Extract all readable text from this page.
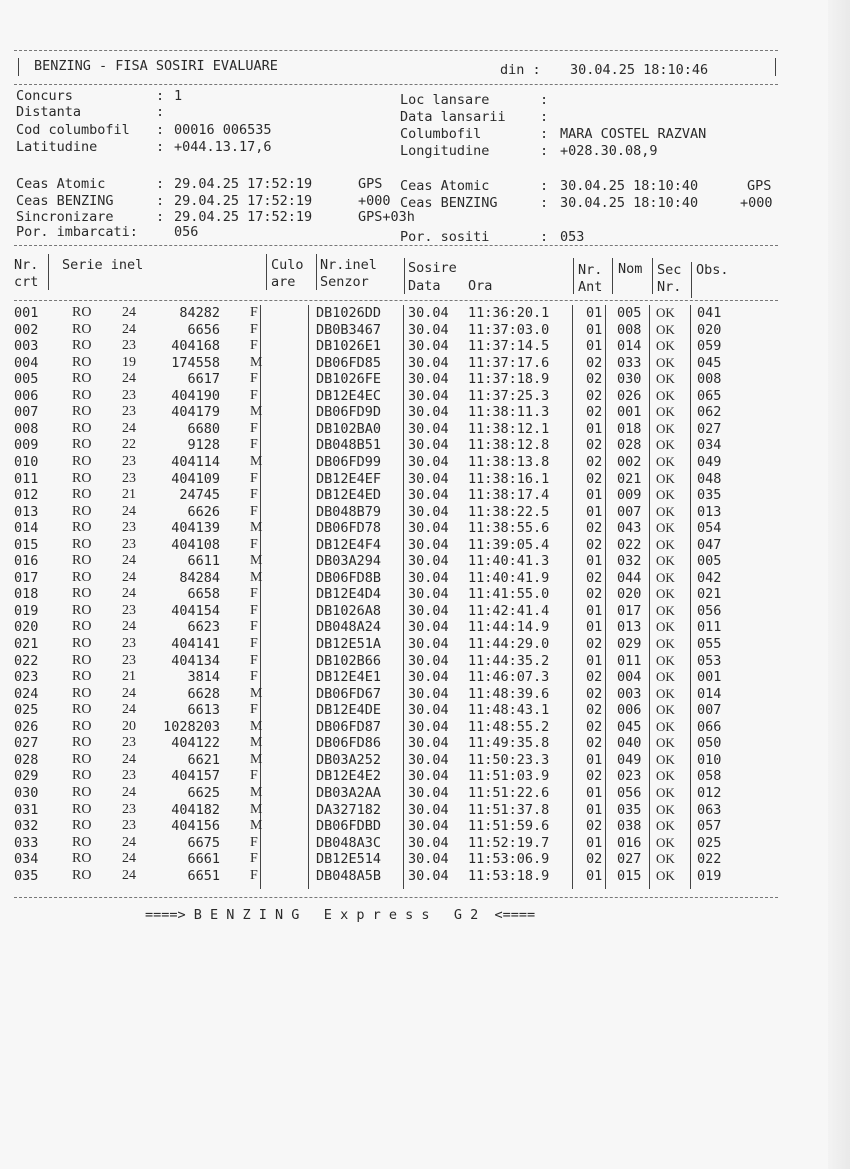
BENZING - FISA SOSIRI EVALUARE	din : 30.04.25 18:10:46
Concurs	: 1
Distanta	:
Cod columbofil : 00016 006535
Latitudine	: +044.13.17,6
Loc lansare	:
Data lansarii	:
Columbofil	: MARA COSTEL RAZVAN
Longitudine	: +028.30.08,9
Ceas Atomic	: 29.04.25 17:52:19	GPS
Ceas BENZING	: 29.04.25 17:52:19	+000
Sincronizare	: 29.04.25 17:52:19	GPS+03h
Ceas Atomic	: 30.04.25 18:10:40	GPS
Ceas BENZING	: 30.04.25 18:10:40	+000
Por. imbarcati:	056	Por. sositi	: 053
Nr.
crt
Serie inel	Culo
are
Nr.inel
Senzor
Sosire
Data Ora
Nr.
Ant
Nom Sec
Nr.
Obs.
001 RO 24	84282 F	DB1026DD 30.04 11:36:20.1	01 005 OK 041
002 RO 24	6656 F	DB0B3467 30.04 11:37:03.0	01 008 OK 020
003 RO 23	404168 F	DB1026E1 30.04 11:37:14.5	01 014 OK 059
004 RO 19	174558 M	DB06FD85 30.04 11:37:17.6	02 033 OK 045
005 RO 24	6617 F	DB1026FE 30.04 11:37:18.9	02 030 OK 008
006 RO 23	404190 F	DB12E4EC 30.04 11:37:25.3	02 026 OK 065
007 RO 23	404179 M	DB06FD9D 30.04 11:38:11.3	02 001 OK 062
008 RO 24	6680 F	DB102BA0 30.04 11:38:12.1	01 018 OK 027
009 RO 22	9128 F	DB048B51 30.04 11:38:12.8	02 028 OK 034
010 RO 23	404114 M	DB06FD99 30.04 11:38:13.8	02 002 OK 049
011 RO 23	404109 F	DB12E4EF 30.04 11:38:16.1	02 021 OK 048
012 RO 21	24745 F	DB12E4ED 30.04 11:38:17.4	01 009 OK 035
013 RO 24	6626 F	DB048B79 30.04 11:38:22.5	01 007 OK 013
014 RO 23	404139 M	DB06FD78 30.04 11:38:55.6	02 043 OK 054
015 RO 23	404108 F	DB12E4F4 30.04 11:39:05.4	02 022 OK 047
016 RO 24	6611 M	DB03A294 30.04 11:40:41.3	01 032 OK 005
017 RO 24	84284 M	DB06FD8B 30.04 11:40:41.9	02 044 OK 042
018 RO 24	6658 F	DB12E4D4 30.04 11:41:55.0	02 020 OK 021
019 RO 23	404154 F	DB1026A8 30.04 11:42:41.4	01 017 OK 056
020 RO 24	6623 F	DB048A24 30.04 11:44:14.9	01 013 OK 011
021 RO 23	404141 F	DB12E51A 30.04 11:44:29.0	02 029 OK 055
022 RO 23	404134 F	DB102B66 30.04 11:44:35.2	01 011 OK 053
023 RO 21	3814 F	DB12E4E1 30.04 11:46:07.3	02 004 OK 001
024 RO 24	6628 M	DB06FD67 30.04 11:48:39.6	02 003 OK 014
025 RO 24	6613 F	DB12E4DE 30.04 11:48:43.1	02 006 OK 007
026 RO 20	1028203 M	DB06FD87 30.04 11:48:55.2	02 045 OK 066
027 RO 23	404122 M	DB06FD86 30.04 11:49:35.8	02 040 OK 050
028 RO 24	6621 M	DB03A252 30.04 11:50:23.3	01 049 OK 010
029 RO 23	404157 F	DB12E4E2 30.04 11:51:03.9	02 023 OK 058
030 RO 24	6625 M	DB03A2AA 30.04 11:51:22.6	01 056 OK 012
031 RO 23	404182 M	DA327182 30.04 11:51:37.8	01 035 OK 063
032 RO 23	404156 M	DB06FDBD 30.04 11:51:59.6	02 038 OK 057
033 RO 24	6675 F	DB048A3C 30.04 11:52:19.7	01 016 OK 025
034 RO 24	6661 F	DB12E514 30.04 11:53:06.9	02 027 OK 022
035 RO 24	6651 F	DB048A5B 30.04 11:53:18.9	01 015 OK 019
====> B E N Z I N G   E x p r e s s   G 2  <====
